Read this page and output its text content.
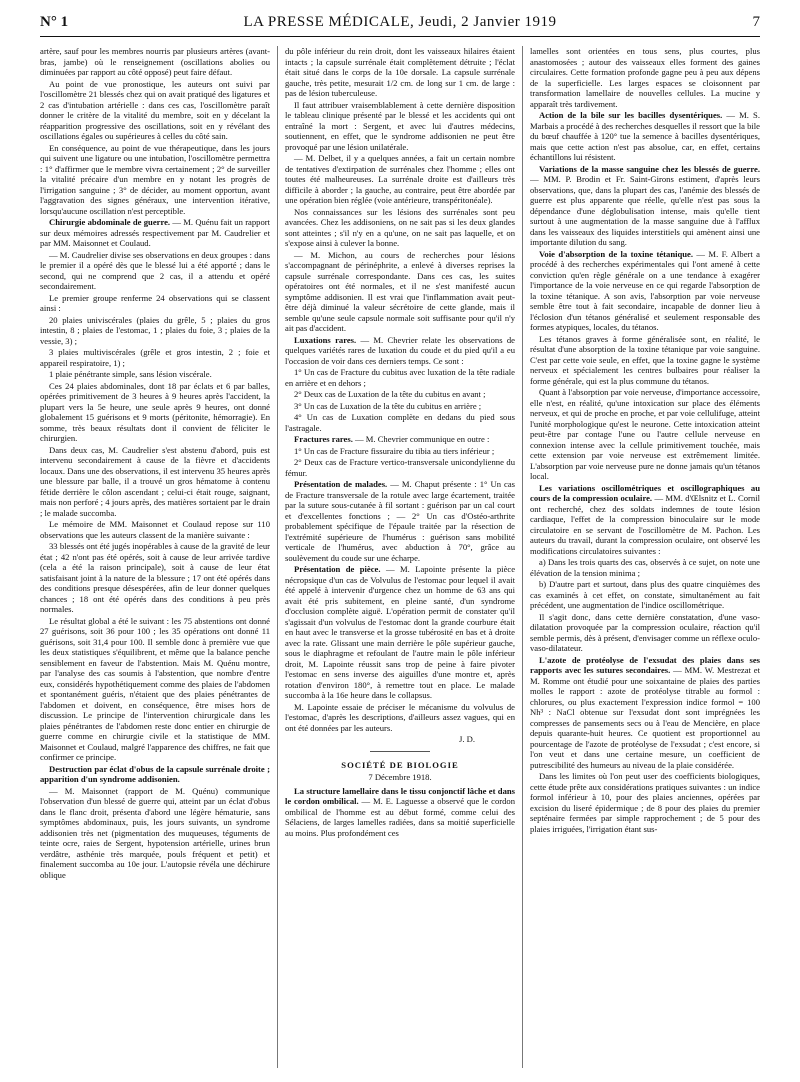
N° 1	LA PRESSE MÉDICALE, Jeudi, 2 Janvier 1919	7

artère, sauf pour les membres nourris par plusieurs artères (avant-bras, jambe) où le renseignement (oscillations abolies ou diminuées par rapport au côté opposé) peut faire défaut.

Au point de vue pronostique, les auteurs ont suivi par l'oscillomètre 21 blessés chez qui on avait pratiqué des ligatures et 2 cas d'intubation artérielle : dans ces cas, l'oscillomètre paraît donner le critère de la vitalité du membre, soit en y décelant la réapparition progressive des oscillations, soit en y révélant des oscillations égales ou supérieures à celles du côté sain.

En conséquence, au point de vue thérapeutique, dans les jours qui suivent une ligature ou une intubation, l'oscillomètre permettra : 1° d'affirmer que le membre vivra certainement ; 2° de surveiller la vitalité précaire d'un membre en y notant les progrès de l'irrigation sanguine ; 3° de décider, au moment opportun, avant l'aggravation des signes généraux, une intervention itérative, lorsqu'aucune oscillation n'est perceptible.

Chirurgie abdominale de guerre. — M. Quénu fait un rapport sur deux mémoires adressés respectivement par M. Caudrelier et par MM. Maisonnet et Coulaud.

— M. Caudrelier divise ses observations en deux groupes : dans le premier il a opéré dès que le blessé lui a été apporté ; dans le second, qui ne comprend que 2 cas, il a attendu et opéré secondairement.

Le premier groupe renferme 24 observations qui se classent ainsi :

20 plaies univiscérales (plaies du grêle, 5 ; plaies du gros intestin, 8 ; plaies de l'estomac, 1 ; plaies du foie, 3 ; plaies de la vessie, 3) ;

3 plaies multiviscérales (grêle et gros intestin, 2 ; foie et appareil respiratoire, 1) ;

1 plaie pénétrante simple, sans lésion viscérale.

Ces 24 plaies abdominales, dont 18 par éclats et 6 par balles, opérées primitivement de 3 heures à 9 heures après l'accident, la plupart vers la 5e heure, une seule après 9 heures, ont donné globalement 15 guérisons et 9 morts (péritonite, hémorragie). En somme, très beaux résultats dont il convient de féliciter le chirurgien.

Dans deux cas, M. Caudrelier s'est abstenu d'abord, puis est intervenu secondairement à cause de la fièvre et d'accidents locaux. Dans une des observations, il est intervenu 35 heures après une blessure par balle, il a trouvé un gros hématome à contenu fétide derrière le côlon ascendant ; celui-ci était rouge, saignant, mais non perforé ; 4 jours après, des matières sortaient par le drain ; le malade succomba.

Le mémoire de MM. Maisonnet et Coulaud repose sur 110 observations que les auteurs classent de la manière suivante :

33 blessés ont été jugés inopérables à cause de la gravité de leur état ; 42 n'ont pas été opérés, soit à cause de leur arrivée tardive (cela a été la raison principale), soit à cause de leur état satisfaisant joint à la nature de la blessure ; 17 ont été opérés dans des conditions presque désespérées, afin de leur donner quelques chances ; 18 ont été opérés dans des conditions à peu près normales.

Le résultat global a été le suivant : les 75 abstentions ont donné 27 guérisons, soit 36 pour 100 ; les 35 opérations ont donné 11 guérisons, soit 31,4 pour 100. Il semble donc à première vue que les deux statistiques s'équilibrent, et même que la balance penche sensiblement en faveur de l'abstention. Mais M. Quénu montre, par l'analyse des cas soumis à l'abstention, que nombre d'entre eux, considérés hypothétiquement comme des plaies de l'abdomen et spontanément guéris, n'étaient que des plaies pénétrantes de l'abdomen et doivent, en conséquence, être mises hors de discussion. Le principe de l'intervention chirurgicale dans les plaies pénétrantes de l'abdomen reste donc entier en chirurgie de guerre comme en chirurgie civile et la statistique de MM. Maisonnet et Coulaud, malgré l'apparence des chiffres, ne fait que confirmer ce principe.

Destruction par éclat d'obus de la capsule surrénale droite ; apparition d'un syndrome addisonien.

— M. Maisonnet (rapport de M. Quénu) communique l'observation d'un blessé de guerre qui, atteint par un éclat d'obus dans le flanc droit, présenta d'abord une légère hématurie, sans symptômes abdominaux, puis, les jours suivants, un syndrome addisonien très net (pigmentation des muqueuses, téguments de teinte ocre, raies de Sergent, hypotension artérielle, urines brun verdâtre, asthénie très marquée, pouls fréquent et petit) et finalement succomba au 10e jour. L'autopsie révéla une déchirure oblique

du pôle inférieur du rein droit, dont les vaisseaux hilaires étaient intacts ; la capsule surrénale était complètement détruite ; l'éclat était situé dans le corps de la 10e dorsale. La capsule surrénale gauche, très petite, mesurait 1/2 cm. de long sur 1 cm. de large : pas de lésion tuberculeuse.

Il faut attribuer vraisemblablement à cette dernière disposition le tableau clinique présenté par le blessé et les accidents qui ont entraîné la mort : Sergent, et avec lui d'autres médecins, soutiennent, en effet, que le syndrome addisonien ne peut être provoqué par une lésion unilatérale.

— M. Delbet, il y a quelques années, a fait un certain nombre de tentatives d'extirpation de surrénales chez l'homme ; elles ont toutes été malheureuses. La surrénale droite est d'ailleurs très difficile à aborder ; la gauche, au contraire, peut être abordée par une opération bien réglée (voie antérieure, transpéritonéale).

Nos connaissances sur les lésions des surrénales sont peu avancées. Chez les addisoniens, on ne sait pas si les deux glandes sont atteintes ; s'il n'y en a qu'une, on ne sait pas laquelle, et on s'expose ainsi à culever la bonne.

— M. Michon, au cours de recherches pour lésions s'accompagnant de périnéphrite, a enlevé à diverses reprises la capsule surrénale correspondante. Dans ces cas, les suites opératoires ont été normales, et il ne s'est manifesté aucun symptôme addisonien. Il est vrai que l'inflammation avait peut-être déjà diminué la valeur sécrétoire de cette glande, mais il semble qu'une seule capsule normale soit suffisante pour qu'il n'y ait pas d'accident.

Luxations rares. — M. Chevrier relate les observations de quelques variétés rares de luxation du coude et du pied qu'il a eu l'occasion de voir dans ces derniers temps. Ce sont :

1° Un cas de Fracture du cubitus avec luxation de la tête radiale en arrière et en dehors ;

2° Deux cas de Luxation de la tête du cubitus en avant ;

3° Un cas de Luxation de la tête du cubitus en arrière ;

4° Un cas de Luxation complète en dedans du pied sous l'astragale.

Fractures rares. — M. Chevrier communique en outre :

1° Un cas de Fracture fissuraire du tibia au tiers inférieur ;

2° Deux cas de Fracture vertico-transversale unicondylienne du fémur.

Présentation de malades. — M. Chaput présente : 1° Un cas de Fracture transversale de la rotule avec large écartement, traitée par la suture sous-cutanée à fil sortant : guérison par un cal court et d'excellentes fonctions ; — 2° Un cas d'Ostéo-arthrite probablement spécifique de l'épaule traitée par la résection de l'extrémité supérieure de l'humérus : guérison sans mobilité verticale de l'humérus, avec abduction à 70°, grâce au soulèvement du coude sur une écharpe.

Présentation de pièce. — M. Lapointe présente la pièce nécropsique d'un cas de Volvulus de l'estomac pour lequel il avait été appelé à intervenir d'urgence chez un homme de 63 ans qui avait été pris subitement, en pleine santé, d'un syndrome d'occlusion complète aiguë. L'opération permit de constater qu'il s'agissait d'un volvulus de l'estomac dont la grande courbure était en haut avec le transverse et la grosse tubérosité en bas et à droite avec la rate. Glissant une main derrière le pôle supérieur gauche, sous le diaphragme et refoulant de l'autre main le pôle inférieur droit, M. Lapointe réussit sans trop de peine à faire pivoter l'estomac en sens inverse des aiguilles d'une montre et, après rotation d'environ 180°, à remettre tout en place. Le malade succomba à la 16e heure dans le collapsus.

M. Lapointe essaie de préciser le mécanisme du volvulus de l'estomac, d'après les descriptions, d'ailleurs assez vagues, qui en ont été données par les auteurs.

J. D.

SOCIÉTÉ DE BIOLOGIE

7 Décembre 1918.

La structure lamellaire dans le tissu conjonctif lâche et dans le cordon ombilical. — M. E. Laguesse a observé que le cordon ombilical de l'homme est au début formé, comme celui des Sélaciens, de larges lamelles radiées, dans sa moitié superficielle au moins. Plus profondément ces

lamelles sont orientées en tous sens, plus courtes, plus anastomosées ; autour des vaisseaux elles forment des gaines circulaires. Cette formation profonde gagne peu à peu aux dépens de la superficielle. Les larges espaces se cloisonnent par transformation lamellaire de nouvelles cellules. La mucine y apparaît très tardivement.

Action de la bile sur les bacilles dysentériques. — M. S. Marbais a procédé à des recherches desquelles il ressort que la bile du bœuf chauffée à 120° tue la semence à bacilles dysentériques, mais que cette action n'est pas absolue, car, en effet, certains échantillons lui résistent.

Variations de la masse sanguine chez les blessés de guerre. — MM. P. Brodin et Fr. Saint-Girons estiment, d'après leurs observations, que, dans la plupart des cas, l'anémie des blessés de guerre est plus apparente que réelle, qu'elle n'est pas sous la dépendance d'une déglobulisation intense, mais qu'elle tient surtout à une augmentation de la masse sanguine due à l'afflux dans les vaisseaux des liquides interstitiels qui amènent ainsi une importante dilution du sang.

Voie d'absorption de la toxine tétanique. — M. F. Albert a procédé à des recherches expérimentales qui l'ont amené à cette conviction qu'en règle générale on a une tendance à exagérer l'importance de la voie nerveuse en ce qui regarde l'absorption de la toxine tétanique. A son avis, l'absorption par voie nerveuse semble être tout à fait secondaire, incapable de donner lieu à l'éclosion d'un tétanos généralisé et seulement responsable des formes atypiques, locales, du tétanos.

Les tétanos graves à forme généralisée sont, en réalité, le résultat d'une absorption de la toxine tétanique par voie sanguine. C'est par cette voie seule, en effet, que la toxine gagne le système nerveux et spécialement les centres bulbaires pour réaliser la forme générale, qui est la plus commune du tétanos.

Quant à l'absorption par voie nerveuse, d'importance accessoire, elle n'est, en réalité, qu'une intoxication sur place des éléments nerveux, et qui de proche en proche, et par voie cellulifuge, atteint l'unité morphologique qu'est le neurone. Cette intoxication atteint peut-être par contage l'une ou l'autre cellule nerveuse en connexion intense avec la cellule primitivement touchée, mais cette extension par voie nerveuse est extrêmement limitée. L'absorption par voie nerveuse pure ne donne jamais qu'un tétanos local.

Les variations oscillométriques et oscillographiques au cours de la compression oculaire. — MM. d'Œlsnitz et L. Cornil ont recherché, chez des soldats indemnes de toute lésion cardiaque, l'effet de la compression binoculaire sur le mode circulatoire en se servant de l'oscillomètre de M. Pachon. Les auteurs du travail, durant la compression oculaire, ont observé les modifications circulatoires suivantes :

a) Dans les trois quarts des cas, observés à ce sujet, on note une élévation de la tension minima ;

b) D'autre part et surtout, dans plus des quatre cinquièmes des cas examinés à cet effet, on constate, simultanément au fait précédent, une augmentation de l'indice oscillométrique.

Il s'agit donc, dans cette dernière constatation, d'une vaso-dilatation provoquée par la compression oculaire, réaction qu'il semble permis, dès à présent, d'envisager comme un réflexe oculo-vaso-dilatateur.

L'azote de protéolyse de l'exsudat des plaies dans ses rapports avec les sutures secondaires. — MM. W. Mestrezat et M. Romme ont étudié pour une soixantaine de plaies des parties molles le rapport : azote de protéolyse titrable au formol : chlorures, ou plus exactement l'expression indice formol = 100 Nh³ : NaCl obtenue sur l'exsudat dont sont imprégnées les compresses de pansements secs ou à l'eau de Mencière, en place depuis quarante-huit heures. Ce quotient est proportionnel au pourcentage de l'azote de protéolyse de l'exsudat ; c'est encore, si l'on veut et dans une certaine mesure, un coefficient de putrescibilité des humeurs au niveau de la plaie considérée.

Dans les limites où l'on peut user des coefficients biologiques, cette étude prête aux considérations pratiques suivantes : un indice formol inférieur à 10, pour des plaies anciennes, opérées par excision du liseré épidermique ; de 8 pour des plaies du premier septénaire fermées par simple rapprochement ; de 5 pour des plaies irriguées, l'irrigation étant sus-
